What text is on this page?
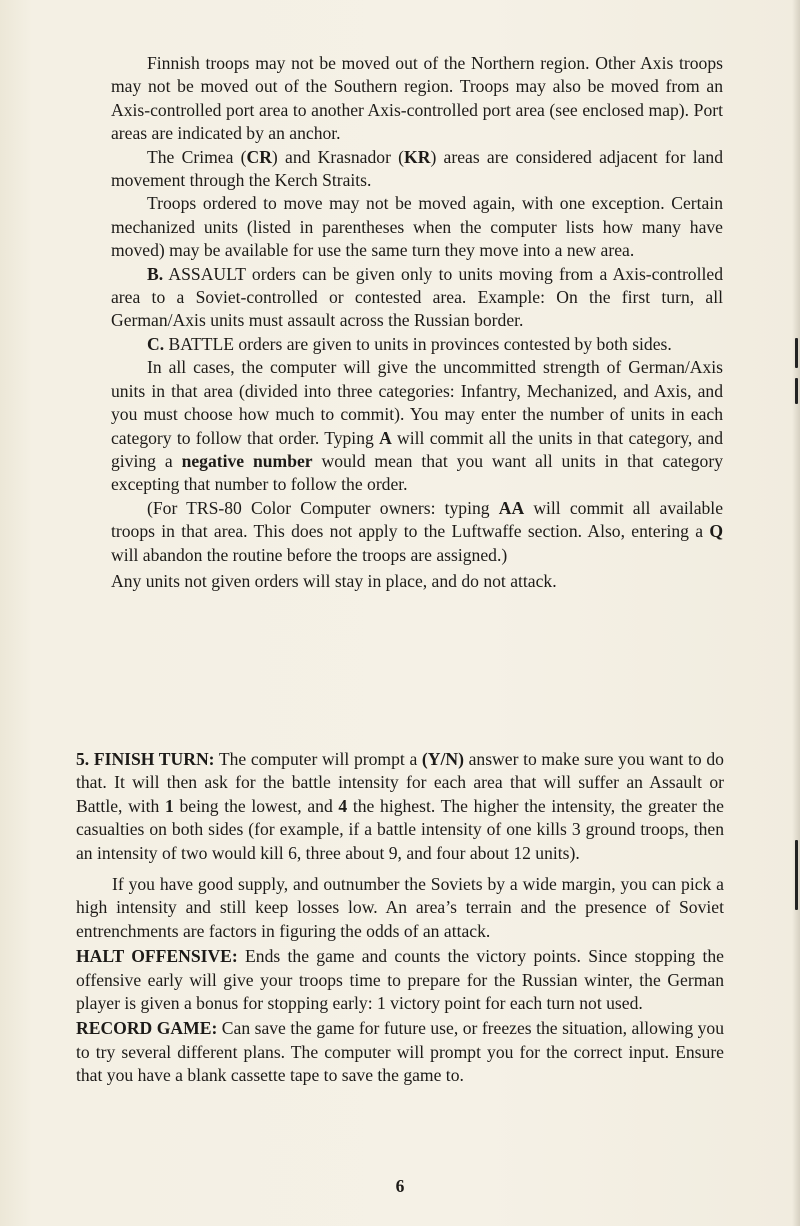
Finnish troops may not be moved out of the Northern region. Other Axis troops may not be moved out of the Southern region. Troops may also be moved from an Axis-controlled port area to another Axis-controlled port area (see enclosed map). Port areas are indicated by an anchor.

The Crimea (CR) and Krasnador (KR) areas are considered adjacent for land movement through the Kerch Straits.

Troops ordered to move may not be moved again, with one exception. Certain mechanized units (listed in parentheses when the computer lists how many have moved) may be available for use the same turn they move into a new area.

B. ASSAULT orders can be given only to units moving from a Axis-controlled area to a Soviet-controlled or contested area. Example: On the first turn, all German/Axis units must assault across the Russian border.

C. BATTLE orders are given to units in provinces contested by both sides.

In all cases, the computer will give the uncommitted strength of German/Axis units in that area (divided into three categories: Infantry, Mechanized, and Axis, and you must choose how much to commit). You may enter the number of units in each category to follow that order. Typing A will commit all the units in that category, and giving a negative number would mean that you want all units in that category excepting that number to follow the order.

(For TRS-80 Color Computer owners: typing AA will commit all available troops in that area. This does not apply to the Luftwaffe section. Also, entering a Q will abandon the routine before the troops are assigned.)

Any units not given orders will stay in place, and do not attack.

5. FINISH TURN: The computer will prompt a (Y/N) answer to make sure you want to do that. It will then ask for the battle intensity for each area that will suffer an Assault or Battle, with 1 being the lowest, and 4 the highest. The higher the intensity, the greater the casualties on both sides (for example, if a battle intensity of one kills 3 ground troops, then an intensity of two would kill 6, three about 9, and four about 12 units).

If you have good supply, and outnumber the Soviets by a wide margin, you can pick a high intensity and still keep losses low. An area’s terrain and the presence of Soviet entrenchments are factors in figuring the odds of an attack.

HALT OFFENSIVE: Ends the game and counts the victory points. Since stopping the offensive early will give your troops time to prepare for the Russian winter, the German player is given a bonus for stopping early: 1 victory point for each turn not used.

RECORD GAME: Can save the game for future use, or freezes the situation, allowing you to try several different plans. The computer will prompt you for the correct input. Ensure that you have a blank cassette tape to save the game to.

6
